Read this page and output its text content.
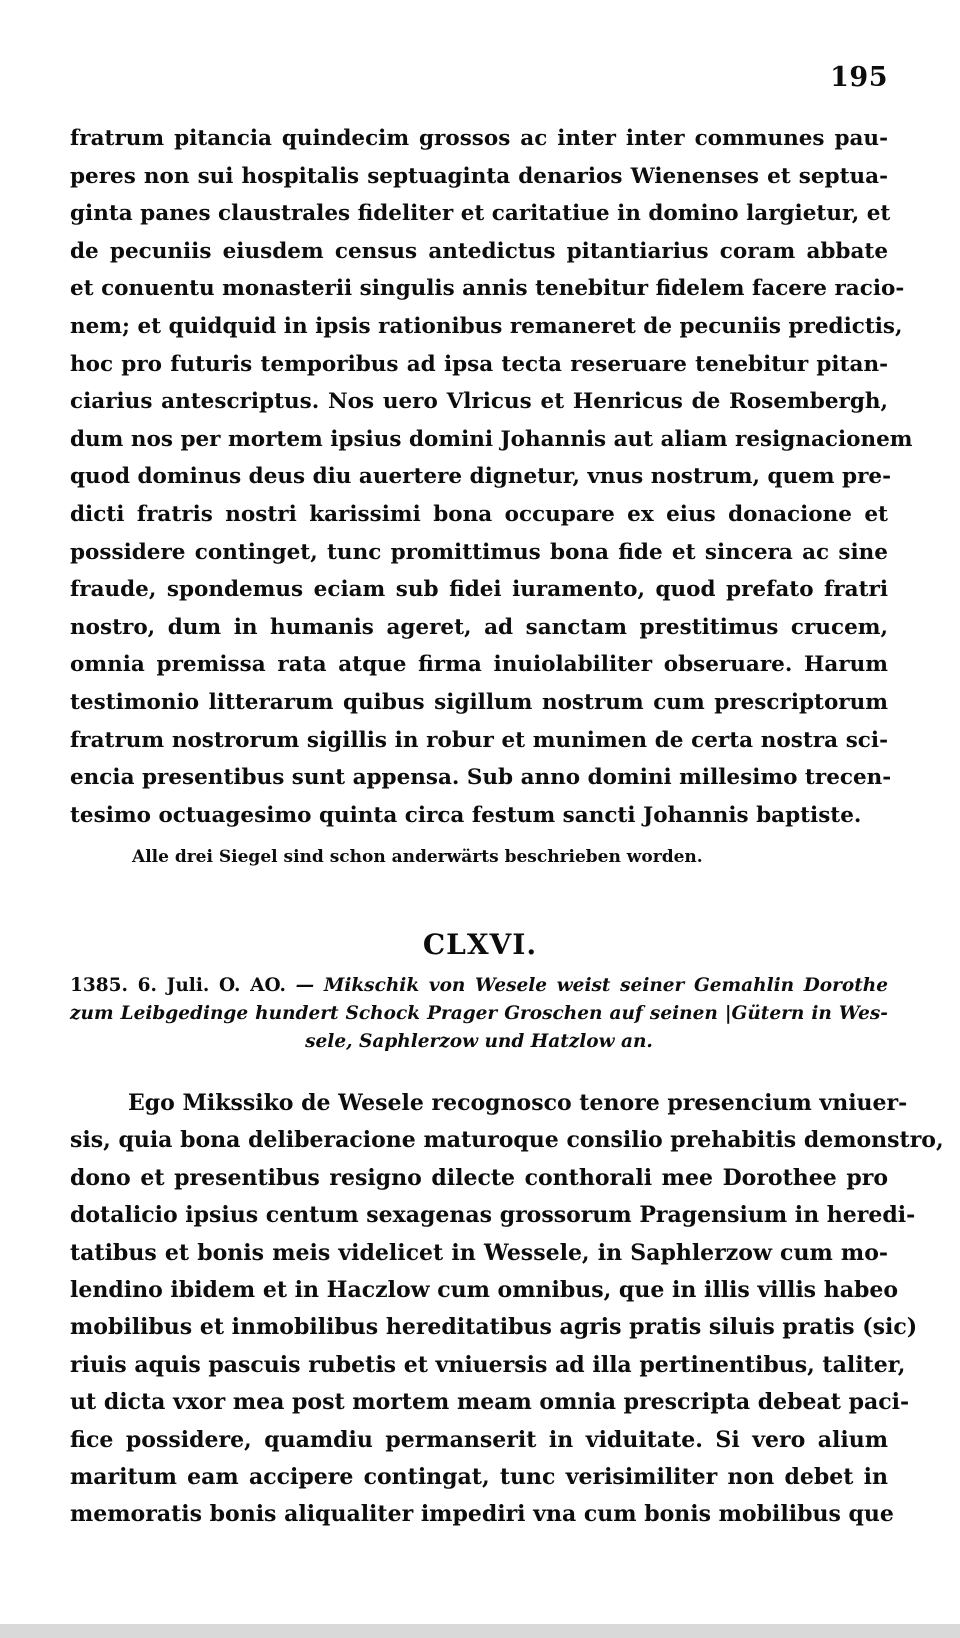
195
fratrum pitancia quindecim grossos ac inter inter communes pau-
peres non sui hospitalis septuaginta denarios Wienenses et septua-
ginta panes claustrales fideliter et caritatiue in domino largietur, et
de pecuniis eiusdem census antedictus pitantiarius coram abbate
et conuentu monasterii singulis annis tenebitur fidelem facere racio-
nem; et quidquid in ipsis rationibus remaneret de pecuniis predictis,
hoc pro futuris temporibus ad ipsa tecta reseruare tenebitur pitan-
ciarius antescriptus. Nos uero Vlricus et Henricus de Rosembergh,
dum nos per mortem ipsius domini Johannis aut aliam resignacionem
quod dominus deus diu auertere dignetur, vnus nostrum, quem pre-
dicti fratris nostri karissimi bona occupare ex eius donacione et
possidere continget, tunc promittimus bona fide et sincera ac sine
fraude, spondemus eciam sub fidei iuramento, quod prefato fratri
nostro, dum in humanis ageret, ad sanctam prestitimus crucem,
omnia premissa rata atque firma inuiolabiliter obseruare. Harum
testimonio litterarum quibus sigillum nostrum cum prescriptorum
fratrum nostrorum sigillis in robur et munimen de certa nostra sci-
encia presentibus sunt appensa. Sub anno domini millesimo trecen-
tesimo octuagesimo quinta circa festum sancti Johannis baptiste.
Alle drei Siegel sind schon anderwärts beschrieben worden.
CLXVI.
1385. 6. Juli. O. AO. — Mikschik von Wesele weist seiner Gemahlin Dorothe
zum Leibgedinge hundert Schock Prager Groschen auf seinen |Gütern in Wes-
sele, Saphlerzow und Hatzlow an.
Ego Mikssiko de Wesele recognosco tenore presencium vniuer-
sis, quia bona deliberacione maturoque consilio prehabitis demonstro,
dono et presentibus resigno dilecte conthorali mee Dorothee pro
dotalicio ipsius centum sexagenas grossorum Pragensium in heredi-
tatibus et bonis meis videlicet in Wessele, in Saphlerzow cum mo-
lendino ibidem et in Haczlow cum omnibus, que in illis villis habeo
mobilibus et inmobilibus hereditatibus agris pratis siluis pratis (sic)
riuis aquis pascuis rubetis et vniuersis ad illa pertinentibus, taliter,
ut dicta vxor mea post mortem meam omnia prescripta debeat paci-
fice possidere, quamdiu permanserit in viduitate. Si vero alium
maritum eam accipere contingat, tunc verisimiliter non debet in
memoratis bonis aliqualiter impediri vna cum bonis mobilibus que
